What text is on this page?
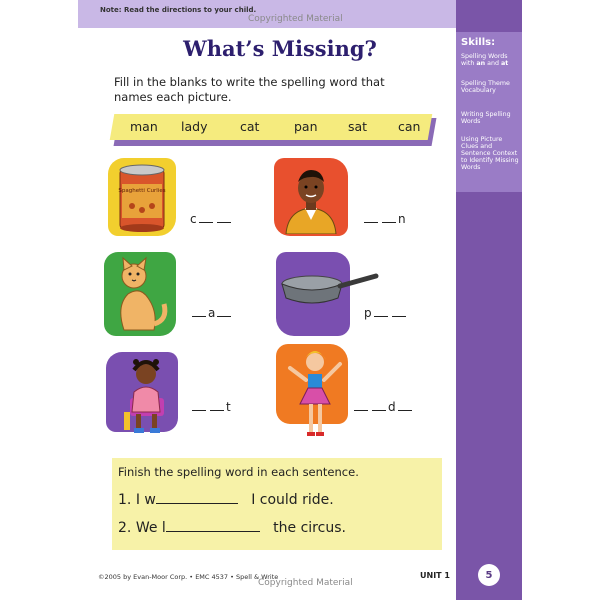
Note: Read the directions to your child.
Copyrighted Material
Skills:
Spelling Words with an and at
Spelling Theme Vocabulary
Writing Spelling Words
Using Picture Clues and Sentence Context to Identify Missing Words
5
What’s Missing?
Fill in the blanks to write the spelling word that names each picture.
man lady	cat	pan sat can
Spaghetti Curlies
c	n
a	p
t	d
Finish the spelling word in each sentence.
1. I w	I could ride.
2. We l	the circus.
©2005 by Evan-Moor Corp. • EMC 4537 • Spell & Write
Copyrighted Material
UNIT 1
